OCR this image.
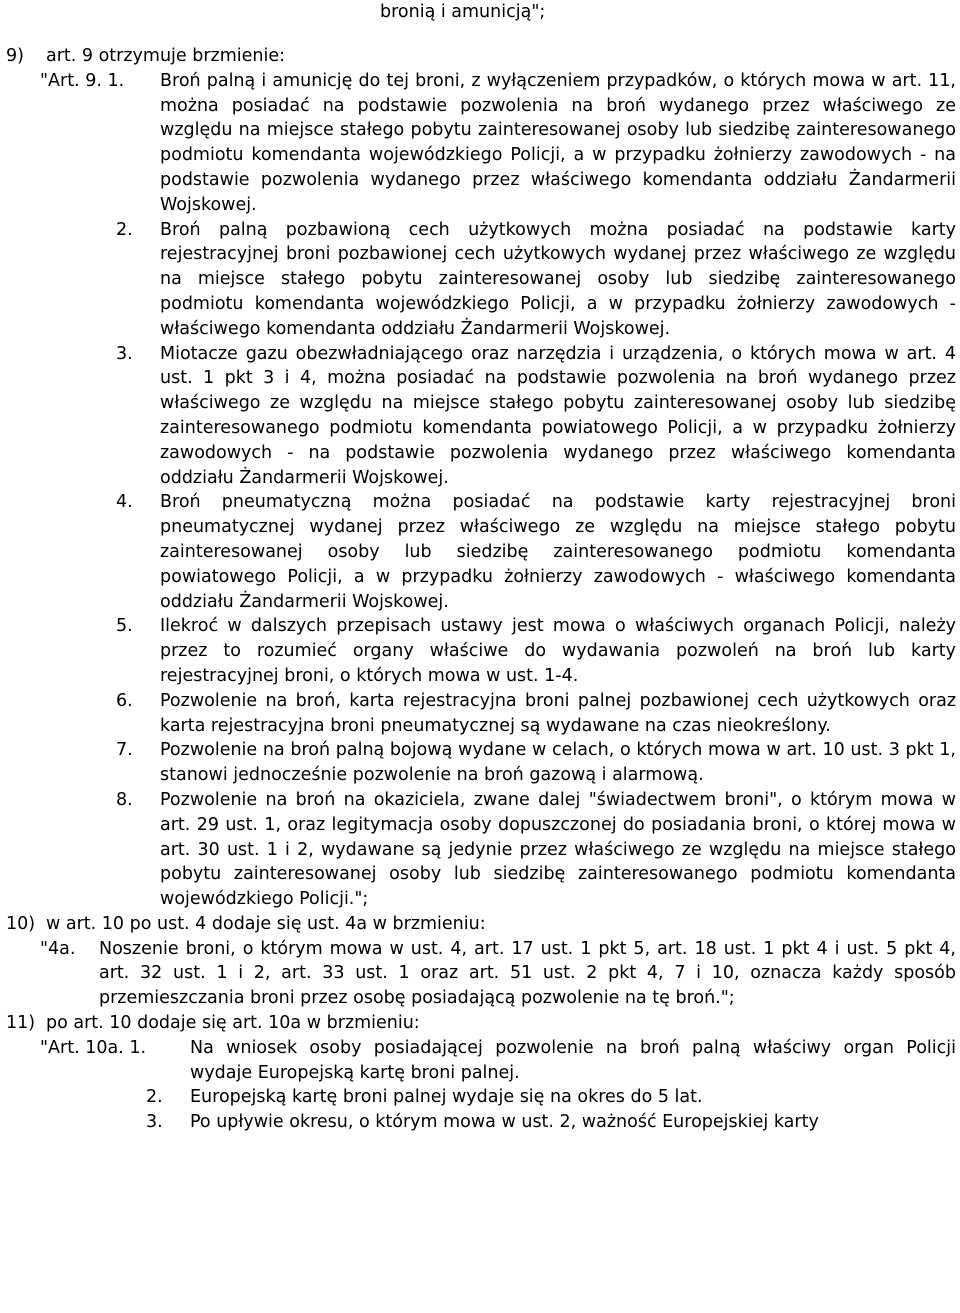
bronią i amunicją";
9) art. 9 otrzymuje brzmienie:
"Art. 9. 1. Broń palną i amunicję do tej broni, z wyłączeniem przypadków, o których mowa w art. 11, można posiadać na podstawie pozwolenia na broń wydanego przez właściwego ze względu na miejsce stałego pobytu zainteresowanej osoby lub siedzibę zainteresowanego podmiotu komendanta wojewódzkiego Policji, a w przypadku żołnierzy zawodowych - na podstawie pozwolenia wydanego przez właściwego komendanta oddziału Żandarmerii Wojskowej.
2. Broń palną pozbawioną cech użytkowych można posiadać na podstawie karty rejestracyjnej broni pozbawionej cech użytkowych wydanej przez właściwego ze względu na miejsce stałego pobytu zainteresowanej osoby lub siedzibę zainteresowanego podmiotu komendanta wojewódzkiego Policji, a w przypadku żołnierzy zawodowych - właściwego komendanta oddziału Żandarmerii Wojskowej.
3. Miotacze gazu obezwładniającego oraz narzędzia i urządzenia, o których mowa w art. 4 ust. 1 pkt 3 i 4, można posiadać na podstawie pozwolenia na broń wydanego przez właściwego ze względu na miejsce stałego pobytu zainteresowanej osoby lub siedzibę zainteresowanego podmiotu komendanta powiatowego Policji, a w przypadku żołnierzy zawodowych - na podstawie pozwolenia wydanego przez właściwego komendanta oddziału Żandarmerii Wojskowej.
4. Broń pneumatyczną można posiadać na podstawie karty rejestracyjnej broni pneumatycznej wydanej przez właściwego ze względu na miejsce stałego pobytu zainteresowanej osoby lub siedzibę zainteresowanego podmiotu komendanta powiatowego Policji, a w przypadku żołnierzy zawodowych - właściwego komendanta oddziału Żandarmerii Wojskowej.
5. Ilekroć w dalszych przepisach ustawy jest mowa o właściwych organach Policji, należy przez to rozumieć organy właściwe do wydawania pozwoleń na broń lub karty rejestracyjnej broni, o których mowa w ust. 1-4.
6. Pozwolenie na broń, karta rejestracyjna broni palnej pozbawionej cech użytkowych oraz karta rejestracyjna broni pneumatycznej są wydawane na czas nieokreślony.
7. Pozwolenie na broń palną bojową wydane w celach, o których mowa w art. 10 ust. 3 pkt 1, stanowi jednocześnie pozwolenie na broń gazową i alarmową.
8. Pozwolenie na broń na okaziciela, zwane dalej "świadectwem broni", o którym mowa w art. 29 ust. 1, oraz legitymacja osoby dopuszczonej do posiadania broni, o której mowa w art. 30 ust. 1 i 2, wydawane są jedynie przez właściwego ze względu na miejsce stałego pobytu zainteresowanej osoby lub siedzibę zainteresowanego podmiotu komendanta wojewódzkiego Policji.";
10) w art. 10 po ust. 4 dodaje się ust. 4a w brzmieniu:
"4a. Noszenie broni, o którym mowa w ust. 4, art. 17 ust. 1 pkt 5, art. 18 ust. 1 pkt 4 i ust. 5 pkt 4, art. 32 ust. 1 i 2, art. 33 ust. 1 oraz art. 51 ust. 2 pkt 4, 7 i 10, oznacza każdy sposób przemieszczania broni przez osobę posiadającą pozwolenie na tę broń.";
11) po art. 10 dodaje się art. 10a w brzmieniu:
"Art. 10a. 1.	Na wniosek osoby posiadającej pozwolenie na broń palną właściwy organ Policji wydaje Europejską kartę broni palnej.
2. Europejską kartę broni palnej wydaje się na okres do 5 lat.
3. Po upływie okresu, o którym mowa w ust. 2, ważność Europejskiej karty
